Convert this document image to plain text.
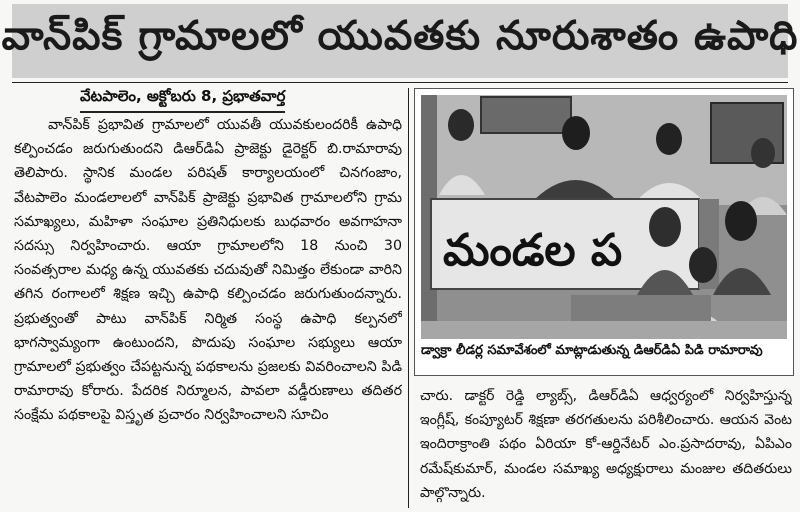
వాన్‌పిక్ గ్రామాలలో యువతకు నూరుశాతం ఉపాధి
వేటపాలెం, అక్టోబరు 8, ప్రభాతవార్త

వాన్‌పిక్ ప్రభావిత గ్రామాలలో యువతీ యువకులందరికీ ఉపాధి కల్పించడం జరుగుతుందని డిఆర్‌డిఏ ప్రాజెక్టు డైరెక్టర్ బి.రామారావు తెలిపారు. స్థానిక మండల పరిషత్ కార్యాలయంలో చినగంజాం, వేటపాలెం మండలాలలో వాన్‌పిక్ ప్రాజెక్టు ప్రభావిత గ్రామాలలోని గ్రామ సమాఖ్యలు, మహిళా సంఘాల ప్రతినిధులకు బుధవారం అవగాహనా సదస్సు నిర్వహించారు. ఆయా గ్రామాలలోని 18 నుంచి 30 సంవత్సరాల మధ్య ఉన్న యువతకు చదువుతో నిమిత్తం లేకుండా వారిని తగిన రంగాలలో శిక్షణ ఇచ్చి ఉపాధి కల్పించడం జరుగుతుందన్నారు. ప్రభుత్వంతో పాటు వాన్‌పిక్ నిర్మిత సంస్థ ఉపాధి కల్పనలో భాగస్వామ్యంగా ఉంటుందని, పొదుపు సంఘాల సభ్యులు ఆయా గ్రామాలలో ప్రభుత్వం చేపట్టనున్న పథకాలను ప్రజలకు వివరించాలని పిడి రామారావు కోరారు. పేదరిక నిర్మూలన, పావలా వడ్డీరుణాలు తదితర సంక్షేమ పథకాలపై విస్తృత ప్రచారం నిర్వహించాలని సూచిం

మండల ప
డ్వాక్రా లీడర్ల సమావేశంలో మాట్లాడుతున్న డిఆర్‌డిఏ పిడి రామారావు

చారు. డాక్టర్ రెడ్డి ల్యాబ్స్, డిఆర్‌డిఏ ఆధ్వర్యంలో నిర్వహిస్తున్న ఇంగ్లీష్, కంప్యూటర్ శిక్షణా తరగతులను పరిశీలించారు. ఆయన వెంట ఇందిరాక్రాంతి పథం ఏరియా కో-ఆర్డినేటర్ ఎం.ప్రసాదరావు, ఏపిఎం రమేష్‌కుమార్, మండల సమాఖ్య అధ్యక్షురాలు మంజుల తదితరులు పాల్గొన్నారు.
